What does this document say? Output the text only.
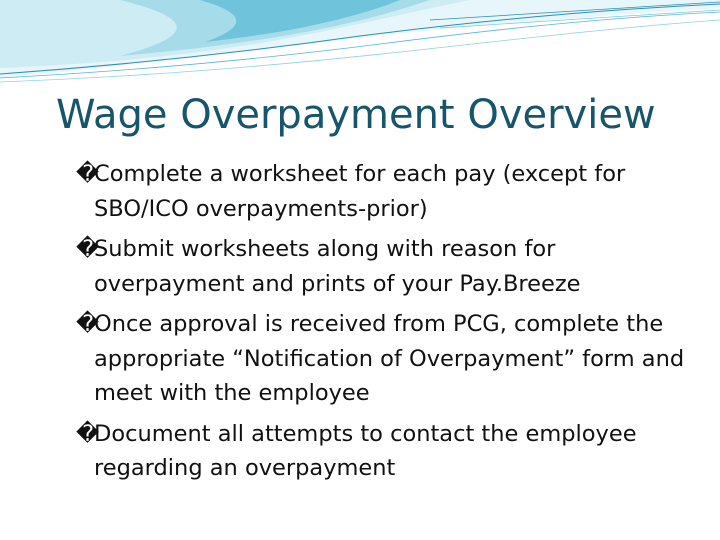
Wage Overpayment Overview
�
Complete a worksheet for each pay (except for SBO/ICO overpayments-prior)
�
Submit worksheets along with reason for overpayment and prints of your Pay.Breeze
�
Once approval is received from PCG, complete the appropriate “Notification of Overpayment” form and meet with the employee
�
Document all attempts to contact the employee regarding an overpayment
